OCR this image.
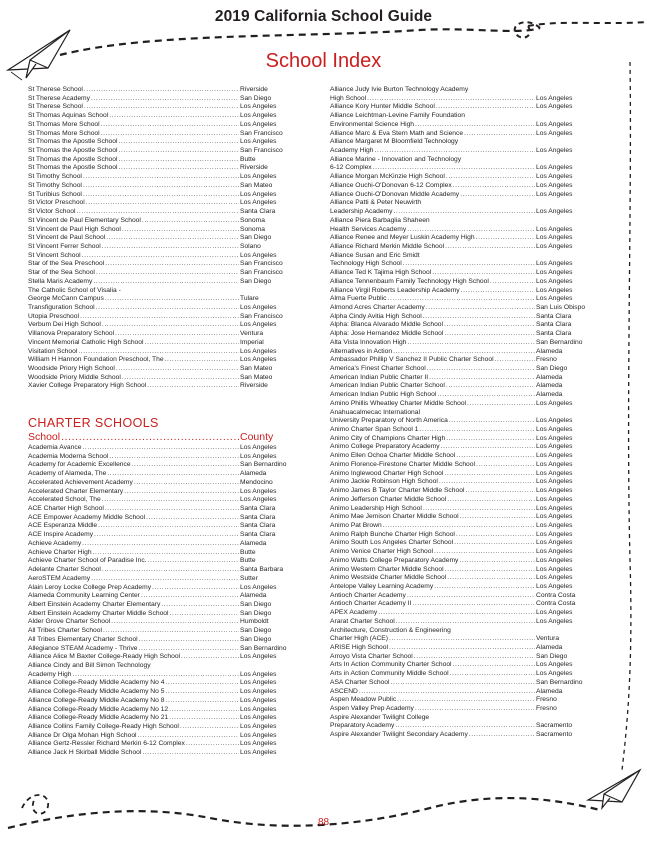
2019 California School Guide
School Index
St Therese School .....	Riverside
St Therese Academy .....	San Diego
St Therese School .....	Los Angeles
St Thomas Aquinas School .....	Los Angeles
St Thomas More School .....	Los Angeles
St Thomas More School .....	San Francisco
St Thomas the Apostle School .....	Los Angeles
St Thomas the Apostle School .....	San Francisco
St Thomas the Apostle School .....	Butte
St Thomas the Apostle School .....	Riverside
St Timothy School .....	Los Angeles
St Timothy School .....	San Mateo
St Turibius School .....	Los Angeles
St Victor Preschool .....	Los Angeles
St Victor School .....	Santa Clara
St Vincent de Paul Elementary School .....	Sonoma
St Vincent de Paul High School .....	Sonoma
St Vincent de Paul School .....	San Diego
St Vincent Ferrer School .....	Solano
St Vincent School .....	Los Angeles
Star of the Sea Preschool .....	San Francisco
Star of the Sea School .....	San Francisco
Stella Maris Academy .....	San Diego
The Catholic School of Visalia -
George McCann Campus .....	Tulare
Transfiguration School .....	Los Angeles
Utopia Preschool .....	San Francisco
Verbum Dei High School .....	Los Angeles
Villanova Preparatory School .....	Ventura
Vincent Memorial Catholic High School .....	Imperial
Visitation School .....	Los Angeles
William H Hannon Foundation Preschool, The .....	Los Angeles
Woodside Priory High School .....	San Mateo
Woodside Priory Middle School .....	San Mateo
Xavier College Preparatory High School .....	Riverside
CHARTER SCHOOLS
School .....	County
Academia Avance .....	Los Angeles
Academia Moderna School .....	Los Angeles
Academy for Academic Excellence .....	San Bernardino
Academy of Alameda, The .....	Alameda
Accelerated Achievement Academy .....	Mendocino
Accelerated Charter Elementary .....	Los Angeles
Accelerated School, The .....	Los Angeles
ACE Charter High School .....	Santa Clara
ACE Empower Academy Middle School .....	Santa Clara
ACE Esperanza Middle .....	Santa Clara
ACE Inspire Academy .....	Santa Clara
Achieve Academy .....	Alameda
Achieve Charter High .....	Butte
Achieve Charter School of Paradise Inc. .....	Butte
Adelante Charter School .....	Santa Barbara
AeroSTEM Academy .....	Sutter
Alain Leroy Locke College Prep Academy .....	Los Angeles
Alameda Community Learning Center .....	Alameda
Albert Einstein Academy Charter Elementary .....	San Diego
Albert Einstein Academy Charter Middle School .....	San Diego
Alder Grove Charter School .....	Humboldt
All Tribes Charter School .....	San Diego
All Tribes Elementary Charter School .....	San Diego
Allegiance STEAM Academy - Thrive .....	San Bernardino
Alliance Alice M Baxter College-Ready High School .....	Los Angeles
Alliance Cindy and Bill Simon Technology
Academy High .....	Los Angeles
Alliance College-Ready Middle Academy No 4 .....	Los Angeles
Alliance College-Ready Middle Academy No 5 .....	Los Angeles
Alliance College-Ready Middle Academy No 8 .....	Los Angeles
Alliance College-Ready Middle Academy No 12 .....	Los Angeles
Alliance College-Ready Middle Academy No 21 .....	Los Angeles
Alliance Collins Family College-Ready High School .....	Los Angeles
Alliance Dr Olga Mohan High School .....	Los Angeles
Alliance Gertz-Ressler Richard Merkin 6-12 Complex .....	Los Angeles
Alliance Jack H Skirball Middle School .....	Los Angeles
Alliance Judy Ivie Burton Technology Academy
High School .....	Los Angeles
Alliance Kory Hunter Middle School .....	Los Angeles
Alliance Leichtman-Levine Family Foundation
Environmental Science High .....	Los Angeles
Alliance Marc & Eva Stern Math and Science .....	Los Angeles
Alliance Margaret M Bloomfield Technology
Academy High .....	Los Angeles
Alliance Marine - Innovation and Technology
6-12 Complex .....	Los Angeles
Alliance Morgan McKinzie High School .....	Los Angeles
Alliance Ouchi-O'Donovan 6-12 Complex .....	Los Angeles
Alliance Ouchi-O'Donovan Middle Academy .....	Los Angeles
Alliance Patti & Peter Neuwirth
Leadership Academy .....	Los Angeles
Alliance Piera Barbaglia Shaheen
Health Services Academy .....	Los Angeles
Alliance Renee and Meyer Luskin Academy High .....	Los Angeles
Alliance Richard Merkin Middle School .....	Los Angeles
Alliance Susan and Eric Smidt
Technology High School .....	Los Angeles
Alliance Ted K Tajima High School .....	Los Angeles
Alliance Tennenbaum Family Technology High School .....	Los Angeles
Alliance Virgil Roberts Leadership Academy .....	Los Angeles
Alma Fuerte Public .....	Los Angeles
Almond Acres Charter Academy .....	San Luis Obispo
Alpha Cindy Avitia High School .....	Santa Clara
Alpha: Blanca Alvarado Middle School .....	Santa Clara
Alpha: Jose Hernandez Middle School .....	Santa Clara
Alta Vista Innovation High .....	San Bernardino
Alternatives in Action .....	Alameda
Ambassador Phillip V Sanchez II Public Charter School .....	Fresno
America's Finest Charter School .....	San Diego
American Indian Public Charter II .....	Alameda
American Indian Public Charter School .....	Alameda
American Indian Public High School .....	Alameda
Amino Phillis Wheatley Charter Middle School .....	Los Angeles
Anahuacalmecac International
University Preparatory of North America .....	Los Angeles
Animo Charter Span School 1 .....	Los Angeles
Animo City of Champions Charter High .....	Los Angeles
Animo College Preparatory Academy .....	Los Angeles
Animo Ellen Ochoa Charter Middle School .....	Los Angeles
Animo Florence-Firestone Charter Middle School .....	Los Angeles
Animo Inglewood Charter High School .....	Los Angeles
Animo Jackie Robinson High School .....	Los Angeles
Animo James B Taylor Charter Middle School .....	Los Angeles
Animo Jefferson Charter Middle School .....	Los Angeles
Animo Leadership High School .....	Los Angeles
Animo Mae Jemison Charter Middle School .....	Los Angeles
Animo Pat Brown .....	Los Angeles
Animo Ralph Bunche Charter High School .....	Los Angeles
Animo South Los Angeles Charter School .....	Los Angeles
Animo Venice Charter High School .....	Los Angeles
Animo Watts College Preparatory Academy .....	Los Angeles
Animo Western Charter Middle School .....	Los Angeles
Animo Westside Charter Middle School .....	Los Angeles
Antelope Valley Learning Academy .....	Los Angeles
Antioch Charter Academy .....	Contra Costa
Antioch Charter Academy II .....	Contra Costa
APEX Academy .....	Los Angeles
Ararat Charter School .....	Los Angeles
Architecture, Construction & Engineering
Charter High (ACE) .....	Ventura
ARISE High School .....	Alameda
Arroyo Vista Charter School .....	San Diego
Arts In Action Community Charter School .....	Los Angeles
Arts in Action Community Middle School .....	Los Angeles
ASA Charter School .....	San Bernardino
ASCEND .....	Alameda
Aspen Meadow Public .....	Fresno
Aspen Valley Prep Academy .....	Fresno
Aspire Alexander Twilight College
Preparatory Academy .....	Sacramento
Aspire Alexander Twilight Secondary Academy .....	Sacramento
88
